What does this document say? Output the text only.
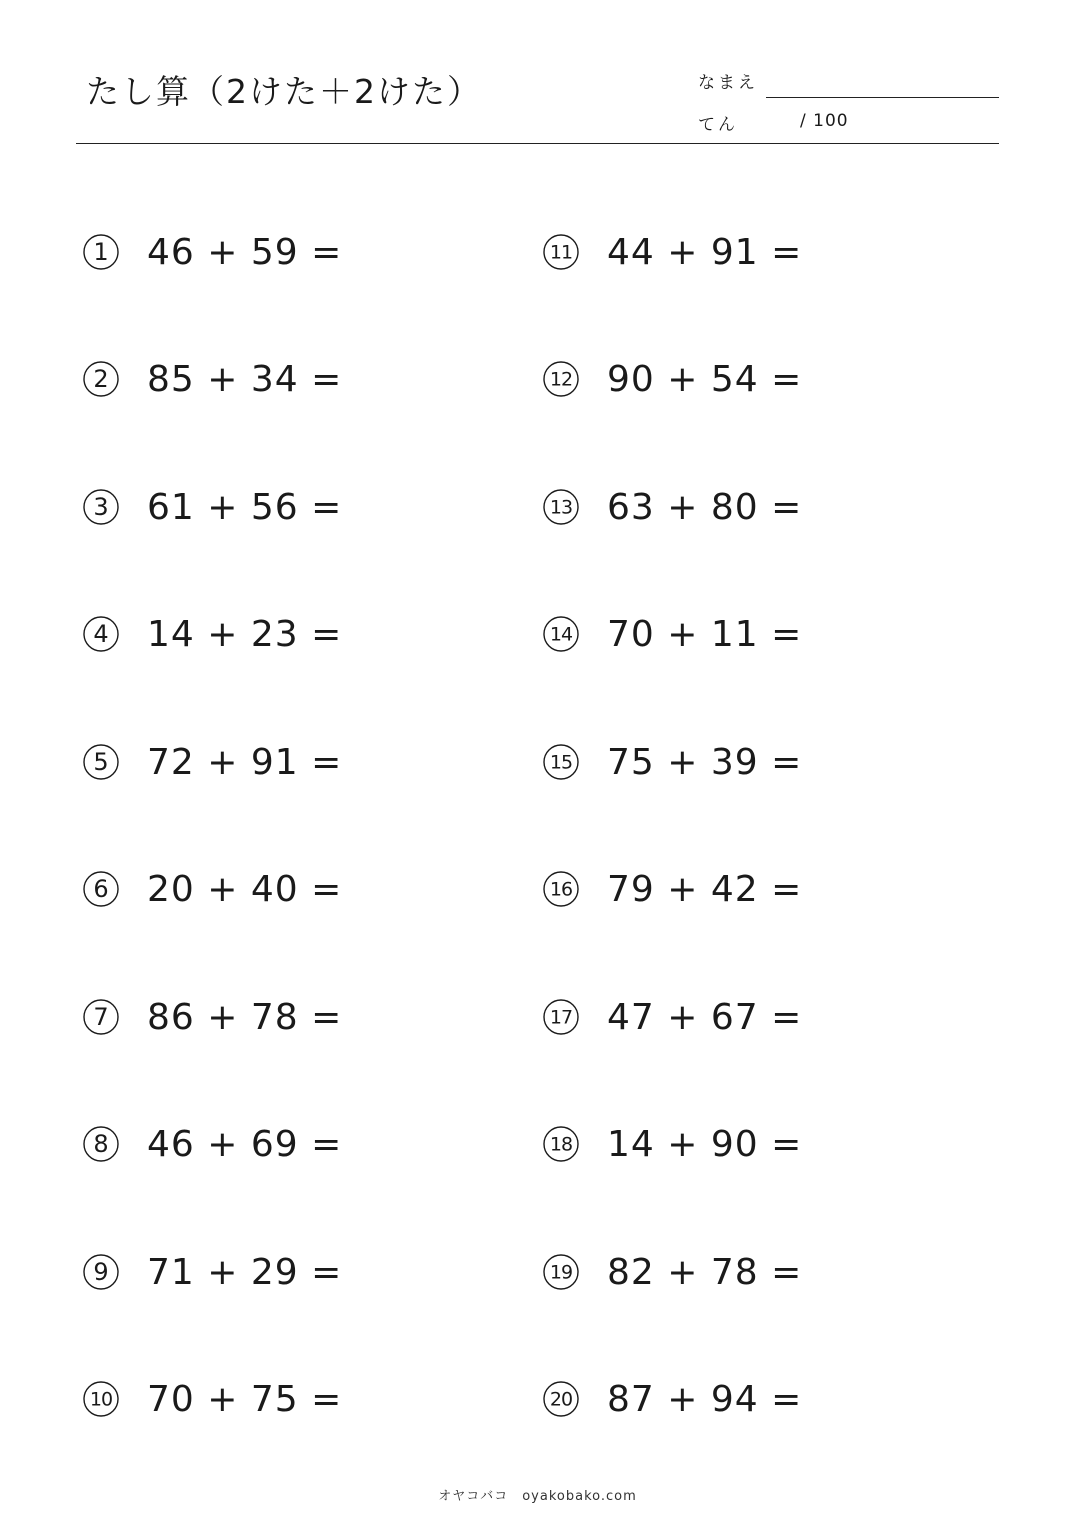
たし算（2けた＋2けた）	なまえ
てん	/ 100
1 46 + 59 =
2 85 + 34 =
3 61 + 56 =
4 14 + 23 =
5 72 + 91 =
6 20 + 40 =
7 86 + 78 =
8 46 + 69 =
9 71 + 29 =
10 70 + 75 =
11 44 + 91 =
12 90 + 54 =
13 63 + 80 =
14 70 + 11 =
15 75 + 39 =
16 79 + 42 =
17 47 + 67 =
18 14 + 90 =
19 82 + 78 =
20 87 + 94 =
オヤコバコ　oyakobako.com
